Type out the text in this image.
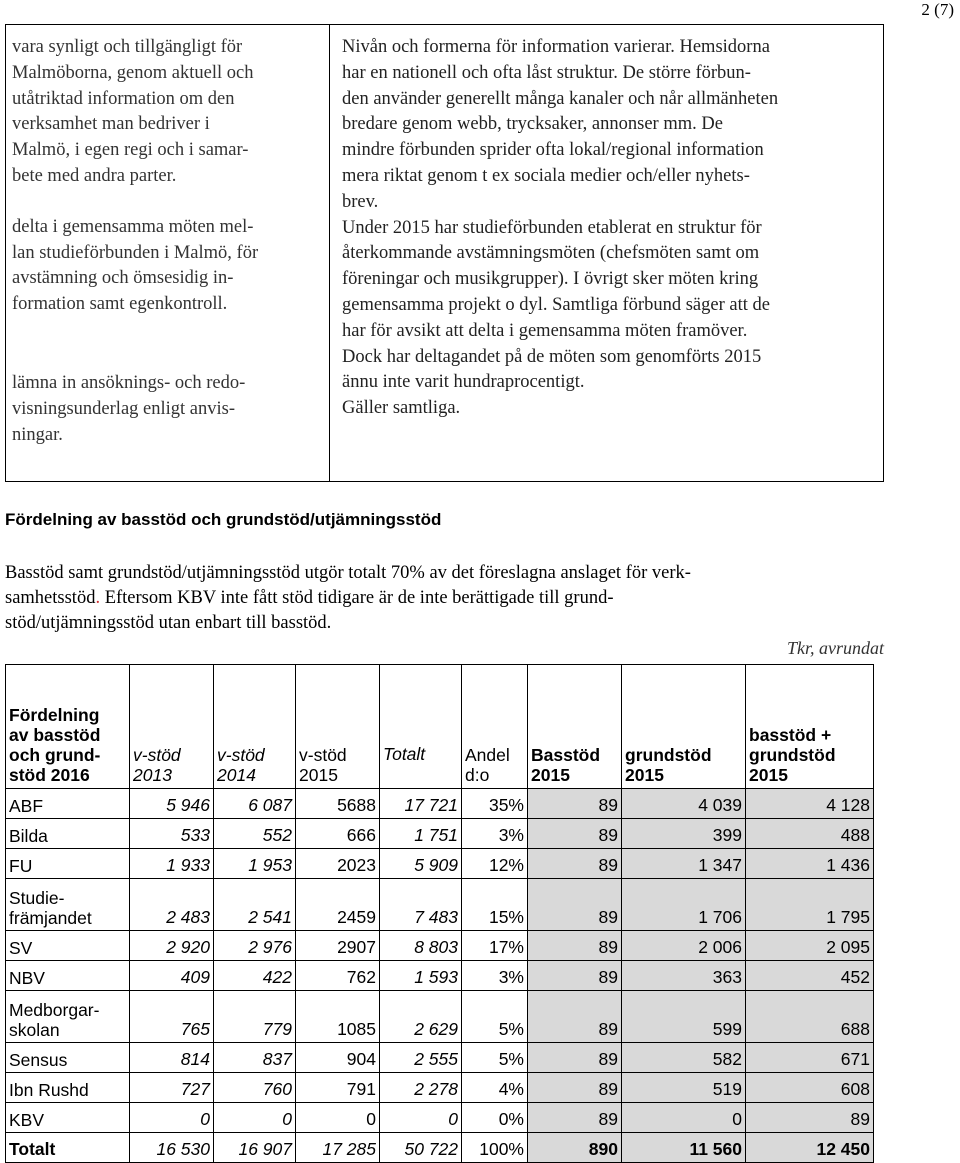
2 (7)

vara synligt och tillgängligt för
Malmöborna, genom aktuell och
utåtriktad information om den
verksamhet man bedriver i
Malmö, i egen regi och i samar-
bete med andra parter.

delta i gemensamma möten mel-
lan studieförbunden i Malmö, för
avstämning och ömsesidig in-
formation samt egenkontroll.

lämna in ansöknings- och redo-
visningsunderlag enligt anvis-
ningar.

Nivån och formerna för information varierar. Hemsidorna
har en nationell och ofta låst struktur. De större förbun-
den använder generellt många kanaler och når allmänheten
bredare genom webb, trycksaker, annonser mm. De
mindre förbunden sprider ofta lokal/regional information
mera riktat genom t ex sociala medier och/eller nyhets-
brev.

Under 2015 har studieförbunden etablerat en struktur för
återkommande avstämningsmöten (chefsmöten samt om
föreningar och musikgrupper). I övrigt sker möten kring
gemensamma projekt o dyl. Samtliga förbund säger att de
har för avsikt att delta i gemensamma möten framöver.
Dock har deltagandet på de möten som genomförts 2015
ännu inte varit hundraprocentigt.

Gäller samtliga.

Fördelning av basstöd och grundstöd/utjämningsstöd
Basstöd samt grundstöd/utjämningsstöd utgör totalt 70% av det föreslagna anslaget för verk-
samhetsstöd. Eftersom KBV inte fått stöd tidigare är de inte berättigade till grund-
stöd/utjämningsstöd utan enbart till basstöd.
Tkr, avrundat
Fördelning
av basstöd
och grund-
stöd 2016	v-stöd
2013	v-stöd
2014	v-stöd
2015	Totalt	Andel
d:o	Basstöd
2015	grundstöd
2015	basstöd +
grundstöd
2015

ABF	5 946	6 087	5688	17 721	35%	89	4 039	4 128

Bilda	533	552	666	1 751	3%	89	399	488

FU	1 933	1 953	2023	5 909	12%	89	1 347	1 436

Studie-
främjandet	2 483	2 541	2459	7 483	15%	89	1 706	1 795

SV	2 920	2 976	2907	8 803	17%	89	2 006	2 095

NBV	409	422	762	1 593	3%	89	363	452

Medborgar-
skolan	765	779	1085	2 629	5%	89	599	688

Sensus	814	837	904	2 555	5%	89	582	671

Ibn Rushd	727	760	791	2 278	4%	89	519	608

KBV	0	0	0	0	0%	89	0	89
Totalt	16 530	16 907	17 285	50 722	100%	890	11 560	12 450
